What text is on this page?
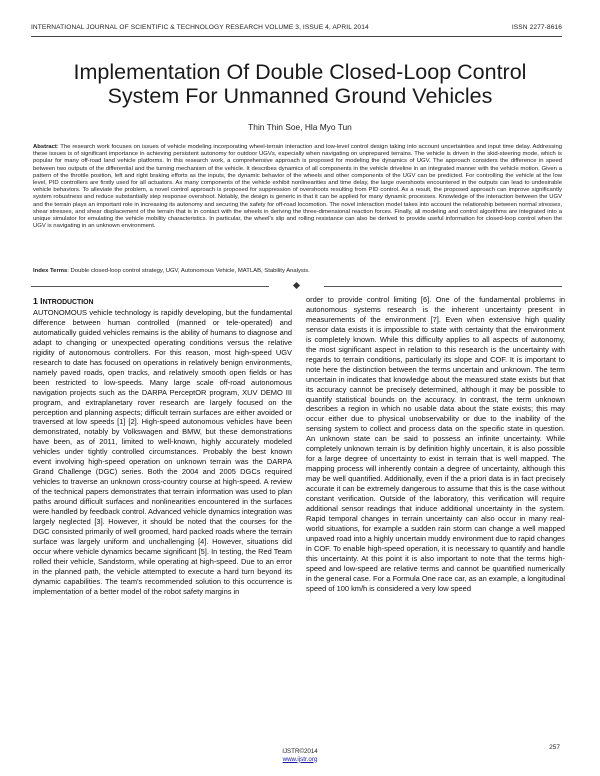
INTERNATIONAL JOURNAL OF SCIENTIFIC & TECHNOLOGY RESEARCH VOLUME 3, ISSUE 4, APRIL 2014	ISSN 2277-8616
Implementation Of Double Closed-Loop Control
System For Unmanned Ground Vehicles
Thin Thin Soe, Hla Myo Tun
Abstract: The research work focuses on issues of vehicle modeling incorporating wheel-terrain interaction and low-level control design taking into account uncertainties and input time delay. Addressing these issues is of significant importance in achieving persistent autonomy for outdoor UGVs, especially when navigating on unprepared terrains. The vehicle is driven in the skid-steering mode, which is popular for many off-road land vehicle platforms. In this research work, a comprehensive approach is proposed for modeling the dynamics of UGV. The approach considers the difference in speed between two outputs of the differential and the turning mechanism of the vehicle. It describes dynamics of all components in the vehicle driveline in an integrated manner with the vehicle motion. Given a pattern of the throttle position, left and right braking efforts as the inputs, the dynamic behavior of the wheels and other components of the UGV can be predicted. For controlling the vehicle at the low level, PID controllers are firstly used for all actuators. As many components of the vehicle exhibit nonlinearities and time delay, the large overshoots encountered in the outputs can lead to undesirable vehicle behaviors. To alleviate the problem, a novel control approach is proposed for suppression of overshoots resulting from PID control. As a result, the proposed approach can improve significantly system robustness and reduce substantially step response overshoot. Notably, the design is generic in that it can be applied for many dynamic processes. Knowledge of the interaction between the UGV and the terrain plays an important role in increasing its autonomy and securing the safety for off-road locomotion. The novel interaction model takes into account the relationship between normal stresses, shear stresses, and shear displacement of the terrain that is in contact with the wheels in deriving the three-dimensional reaction forces. Finally, all modeling and control algorithms are integrated into a unique simulator for emulating the vehicle mobility characteristics. In particular, the wheel's slip and rolling resistance can also be derived to provide useful information for closed-loop control when the UGV is navigating in an unknown environment.
Index Terms: Double closed-loop control strategy, UGV, Autonomous Vehicle, MATLAB, Stability Analysis.
1 INTRODUCTION

AUTONOMOUS vehicle technology is rapidly developing, but the fundamental difference between human controlled (manned or tele-operated) and automatically guided vehicles remains is the ability of humans to diagnose and adapt to changing or unexpected operating conditions versus the relative rigidity of autonomous controllers. For this reason, most high-speed UGV research to date has focused on operations in relatively benign environments, namely paved roads, open tracks, and relatively smooth open fields or has been restricted to low-speeds. Many large scale off-road autonomous navigation projects such as the DARPA PerceptOR program, XUV DEMO III program, and extraplanetary rover research are largely focused on the perception and planning aspects; difficult terrain surfaces are either avoided or traversed at low speeds [1] [2]. High-speed autonomous vehicles have been demonstrated, notably by Volkswagen and BMW, but these demonstrations have been, as of 2011, limited to well-known, highly accurately modeled vehicles under tightly controlled circumstances. Probably the best known event involving high-speed operation on unknown terrain was the DARPA Grand Challenge (DGC) series. Both the 2004 and 2005 DGCs required vehicles to traverse an unknown cross-country course at high-speed. A review of the technical papers demonstrates that terrain information was used to plan paths around difficult surfaces and nonlinearities encountered in the surfaces were handled by feedback control. Advanced vehicle dynamics integration was largely neglected [3]. However, it should be noted that the courses for the DGC consisted primarily of well groomed, hard packed roads where the terrain surface was largely uniform and unchallenging [4]. However, situations did occur where vehicle dynamics became significant [5]. In testing, the Red Team rolled their vehicle, Sandstorm, while operating at high-speed. Due to an error in the planned path, the vehicle attempted to execute a hard turn beyond its dynamic capabilities. The team's recommended solution to this occurrence is implementation of a better model of the robot safety margins in

order to provide control limiting [6]. One of the fundamental problems in autonomous systems research is the inherent uncertainty present in measurements of the environment [7]. Even when extensive high quality sensor data exists it is impossible to state with certainty that the environment is completely known. While this difficulty applies to all aspects of autonomy, the most significant aspect in relation to this research is the uncertainty with regards to terrain conditions, particularly its slope and COF. It is important to note here the distinction between the terms uncertain and unknown. The term uncertain in indicates that knowledge about the measured state exists but that its accuracy cannot be precisely determined, although it may be possible to quantify statistical bounds on the accuracy. In contrast, the term unknown describes a region in which no usable data about the state exists; this may occur either due to physical unobservability or due to the inability of the sensing system to collect and process data on the specific state in question. An unknown state can be said to possess an infinite uncertainty. While completely unknown terrain is by definition highly uncertain, it is also possible for a large degree of uncertainty to exist in terrain that is well mapped. The mapping process will inherently contain a degree of uncertainty, although this may be well quantified. Additionally, even if the a priori data is in fact precisely accurate it can be extremely dangerous to assume that this is the case without constant verification. Outside of the laboratory, this verification will require additional sensor readings that induce additional uncertainty in the system. Rapid temporal changes in terrain uncertainty can also occur in many real-world situations, for example a sudden rain storm can change a well mapped unpaved road into a highly uncertain muddy environment due to rapid changes in COF. To enable high-speed operation, it is necessary to quantify and handle this uncertainty. At this point it is also important to note that the terms high-speed and low-speed are relative terms and cannot be quantified numerically in the general case. For a Formula One race car, as an example, a longitudinal speed of 100 km/h is considered a very low speed

257
IJSTR©2014
www.ijstr.org
